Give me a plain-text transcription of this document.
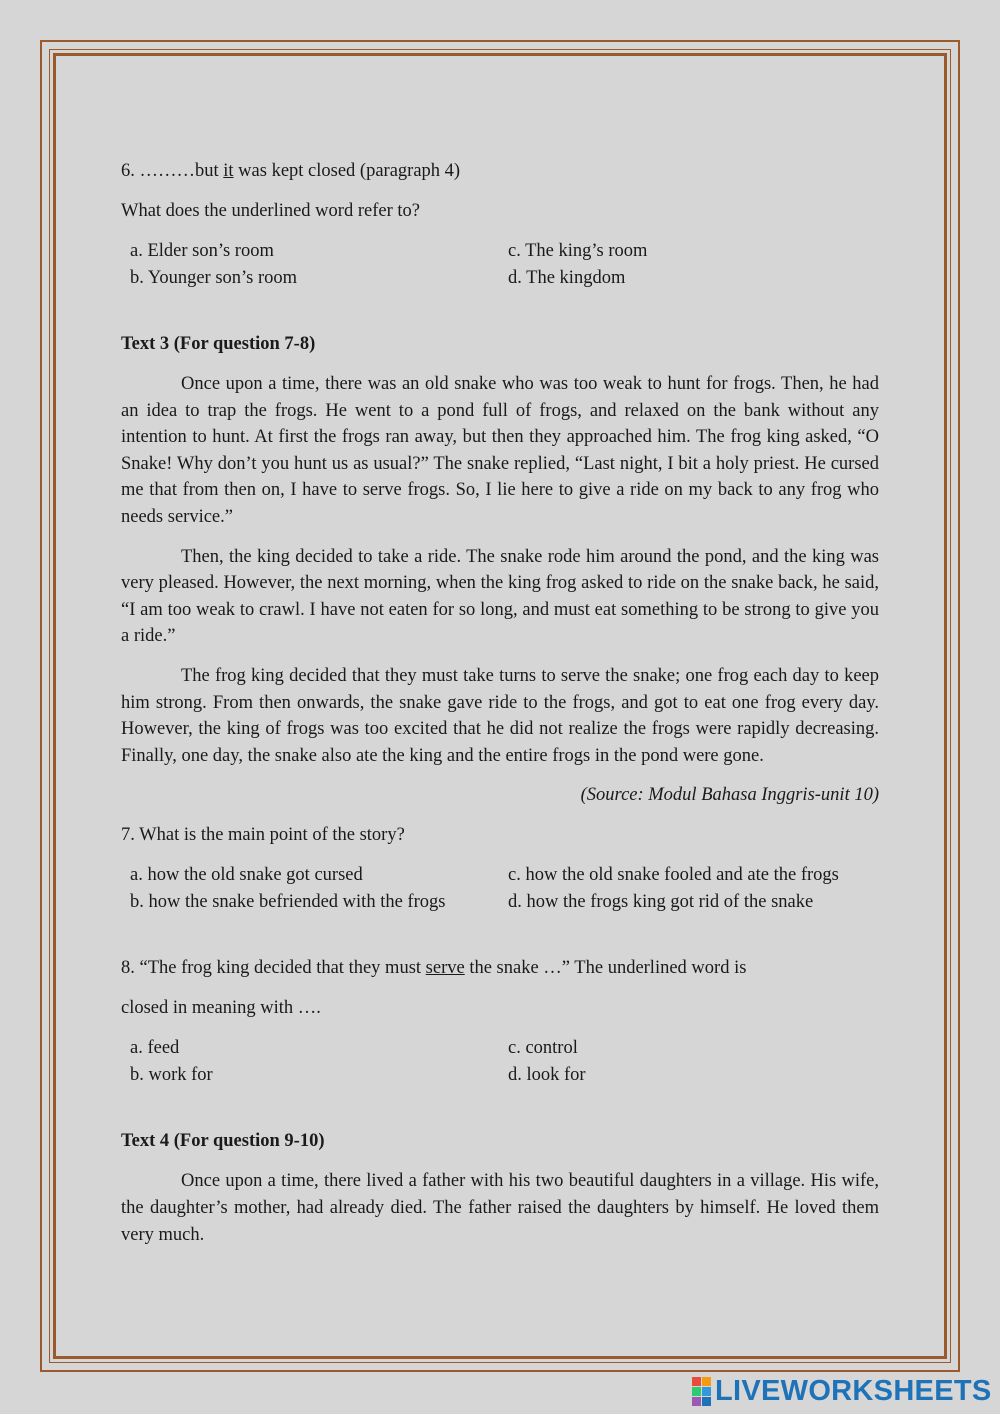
6. ………but it was kept closed (paragraph 4)

What does the underlined word refer to?

a. Elder son’s room	c. The king’s room
b. Younger son’s room	d. The kingdom

Text 3 (For question 7-8)

Once upon a time, there was an old snake who was too weak to hunt for frogs. Then, he had an idea to trap the frogs. He went to a pond full of frogs, and relaxed on the bank without any intention to hunt. At first the frogs ran away, but then they approached him. The frog king asked, “O Snake! Why don’t you hunt us as usual?” The snake replied, “Last night, I bit a holy priest. He cursed me that from then on, I have to serve frogs. So, I lie here to give a ride on my back to any frog who needs service.”

Then, the king decided to take a ride. The snake rode him around the pond, and the king was very pleased. However, the next morning, when the king frog asked to ride on the snake back, he said, “I am too weak to crawl. I have not eaten for so long, and must eat something to be strong to give you a ride.”

The frog king decided that they must take turns to serve the snake; one frog each day to keep him strong. From then onwards, the snake gave ride to the frogs, and got to eat one frog every day. However, the king of frogs was too excited that he did not realize the frogs were rapidly decreasing. Finally, one day, the snake also ate the king and the entire frogs in the pond were gone.

(Source: Modul Bahasa Inggris-unit 10)

7. What is the main point of the story?

a. how the old snake got cursed	c. how the old snake fooled and ate the frogs
b. how the snake befriended with the frogs	d. how the frogs king got rid of the snake

8. “The frog king decided that they must serve the snake …” The underlined word is

closed in meaning with ….

a. feed	c. control
b. work for	d. look for

Text 4 (For question 9-10)

Once upon a time, there lived a father with his two beautiful daughters in a village. His wife, the daughter’s mother, had already died. The father raised the daughters by himself. He loved them very much.

LIVEWORKSHEETS
